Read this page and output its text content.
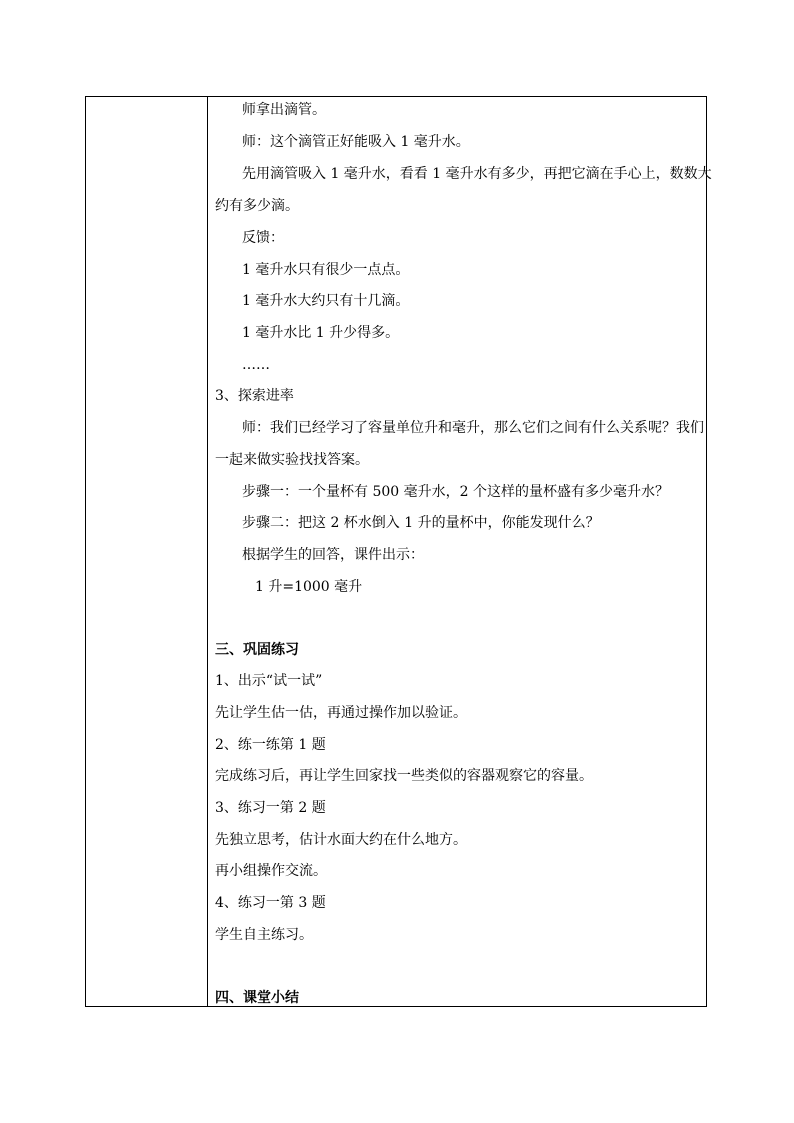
师拿出滴管。
师：这个滴管正好能吸入 1 毫升水。
先用滴管吸入 1 毫升水，看看 1 毫升水有多少，再把它滴在手心上，数数大
约有多少滴。
反馈：
1 毫升水只有很少一点点。
1 毫升水大约只有十几滴。
1 毫升水比 1 升少得多。
……
3、探索进率
师：我们已经学习了容量单位升和毫升，那么它们之间有什么关系呢？我们
一起来做实验找找答案。
步骤一：一个量杯有 500 毫升水，2 个这样的量杯盛有多少毫升水？
步骤二：把这 2 杯水倒入 1 升的量杯中，你能发现什么？
根据学生的回答，课件出示：
1 升=1000 毫升
三、巩固练习
1、出示“试一试”
先让学生估一估，再通过操作加以验证。
2、练一练第 1 题
完成练习后，再让学生回家找一些类似的容器观察它的容量。
3、练习一第 2 题
先独立思考，估计水面大约在什么地方。
再小组操作交流。
4、练习一第 3 题
学生自主练习。
四、课堂小结
